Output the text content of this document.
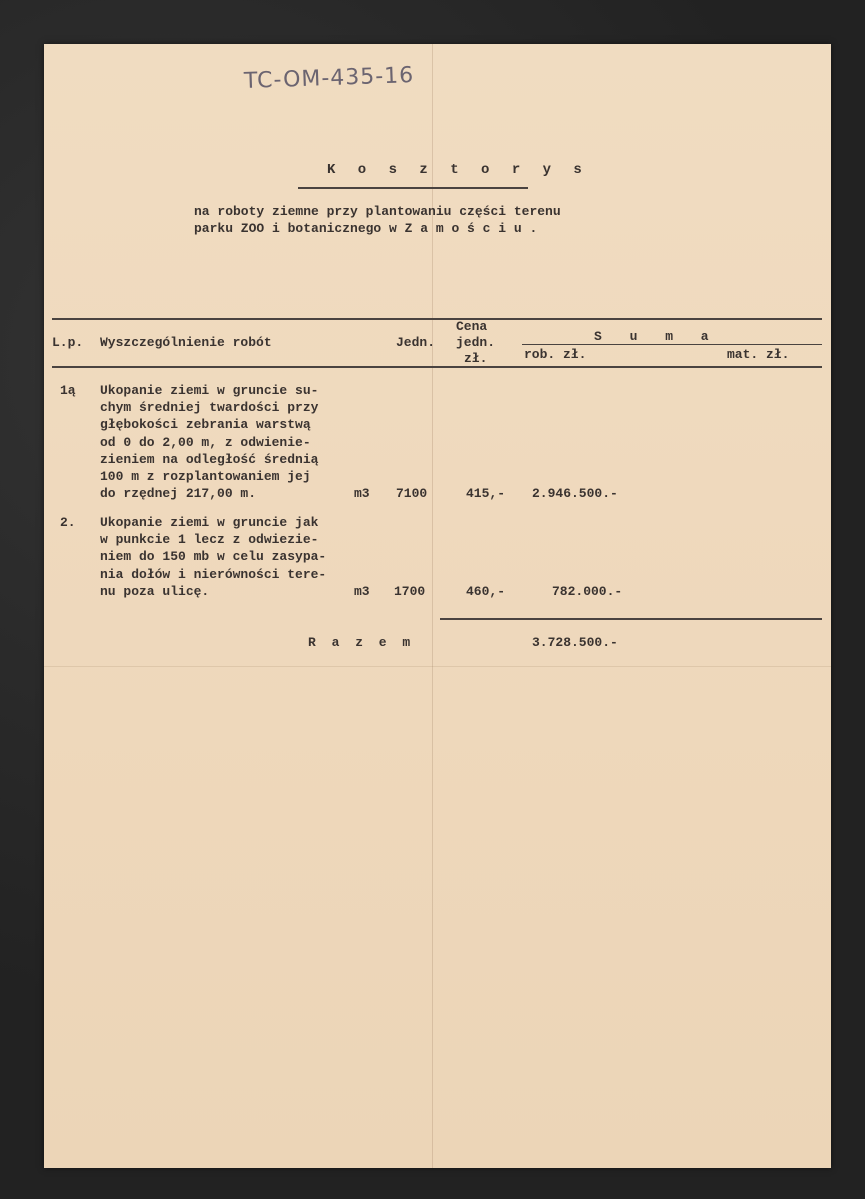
TC-OM-435-16
K o s z t o r y s
na roboty ziemne przy plantowaniu części terenu
parku ZOO i botanicznego w Z a m o ś c i u .
L.p. Wyszczególnienie robót	Jedn.
Cena
jedn.
zł.
S u m a
rob. zł.	mat. zł.
1ą Ukopanie ziemi w gruncie su-
chym średniej twardości przy
głębokości zebrania warstwą
od 0 do 2,00 m, z odwienie-
zieniem na odległość średnią
100 m z rozplantowaniem jej
do rzędnej 217,00 m.	m3 7100	415,- 2.946.500.-
2. Ukopanie ziemi w gruncie jak
w punkcie 1 lecz z odwiezie-
niem do 150 mb w celu zasypa-
nia dołów i nierówności tere-
nu poza ulicę.	m3 1700	460,-	782.000.-
R a z e m	3.728.500.-
